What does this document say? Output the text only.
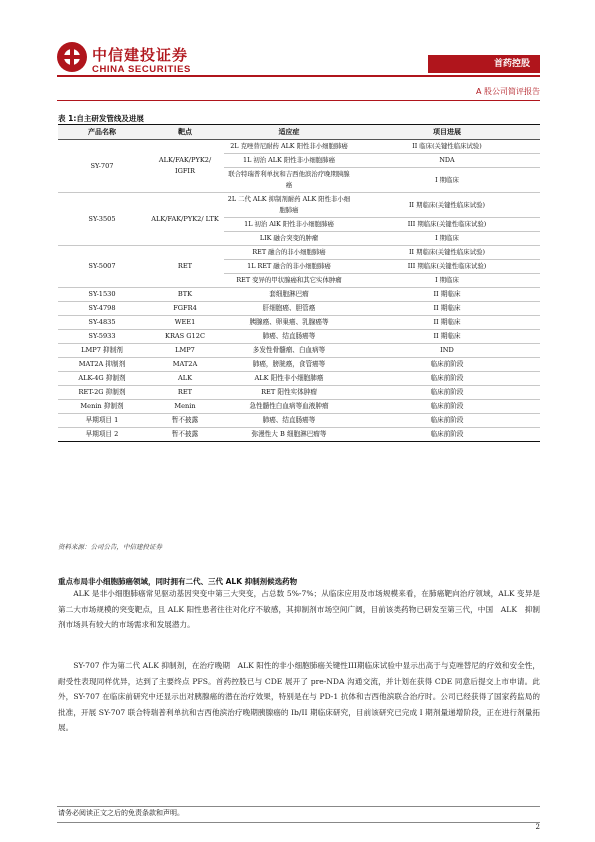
中信建投证券
CHINA SECURITIES	首药控股
A 股公司简评报告
表 1:自主研发管线及进展
产品名称	靶点	适应症	项目进展
SY-707	ALK/FAK/PYK2/ IGFIR	2L 克唑替尼耐药 ALK 阳性非小细胞肺癌	II 临床(关键性临床试验)
		1L 初治 ALK 阳性非小细胞肺癌	NDA
		联合特瑞普利单抗和吉西他滨治疗晚期胰腺癌	I 期临床
SY-3505	ALK/FAK/PYK2/ LTK	2L 二代 ALK 抑制剂耐药 ALK 阳性非小细胞肺癌	II 期临床(关键性临床试验)
		1L 初治 AlK 阳性非小细胞肺癌	III 期临床(关键性临床试验)
		LIK 融合突变的肿瘤	I 期临床
SY-5007	RET	RET 融合的非小细胞肺癌	II 期临床(关键性临床试验)
		1L RET 融合的非小细胞肺癌	III 期临床(关键性临床试验)
		RET 变异的甲状腺癌和其它实体肿瘤	I 期临床
SY-1530	BTK	套细胞淋巴瘤	II 期临床
SY-4798	FGFR4	肝细胞癌、胆管癌	II 期临床
SY-4835	WEE1	胰腺癌、卵巢癌、乳腺癌等	II 期临床
SY-5933	KRAS G12C	肺癌、结直肠癌等	II 期临床
LMP7 抑制剂	LMP7	多发性骨髓瘤、白血病等	IND
MAT2A 抑制剂	MAT2A	肺癌，膀胱癌，食管癌等	临床前阶段
ALK-4G 抑制剂	ALK	ALK 阳性非小细胞肺癌	临床前阶段
RET-2G 抑制剂	RET	RET 阳性实体肿瘤	临床前阶段
Menin 抑制剂	Menin	急性髓性白血病等血液肿瘤	临床前阶段
早期项目 1	暂不披露	肺癌、结直肠癌等	临床前阶段
早期项目 2	暂不披露	弥漫性大 B 细胞淋巴瘤等	临床前阶段
资料来源：公司公告，中信建投证券
重点布局非小细胞肺癌领域，同时拥有二代、三代 ALK 抑制剂候选药物

ALK 是非小细胞肺癌常见驱动基因突变中第三大突变，占总数 5%-7%；从临床应用及市场规模来看，在肺癌靶向治疗领域，ALK 变异是第二大市场规模的突变靶点，且 ALK 阳性患者往往对化疗不敏感，其抑制剂市场空间广阔，目前该类药物已研发至第三代，中国　ALK　抑制剂市场具有较大的市场需求和发展潜力。

SY-707 作为第二代 ALK 抑制剂，在治疗晚期　ALK 阳性的非小细胞肺癌关键性III期临床试验中显示出高于与克唑替尼的疗效和安全性，耐受性表现同样优异，达到了主要终点 PFS。首药控股已与 CDE 展开了 pre-NDA 沟通交流，并计划在获得 CDE 同意后提交上市申请。此外，SY-707 在临床前研究中还显示出对胰腺癌的潜在治疗效果，特别是在与 PD-1 抗体和吉西他滨联合治疗时。公司已经获得了国家药监局的批准，开展 SY-707 联合特瑞普利单抗和吉西他滨治疗晚期胰腺癌的 Ib/II 期临床研究，目前该研究已完成 I 期剂量递增阶段，正在进行剂量拓展。

请务必阅读正文之后的免责条款和声明。
2
